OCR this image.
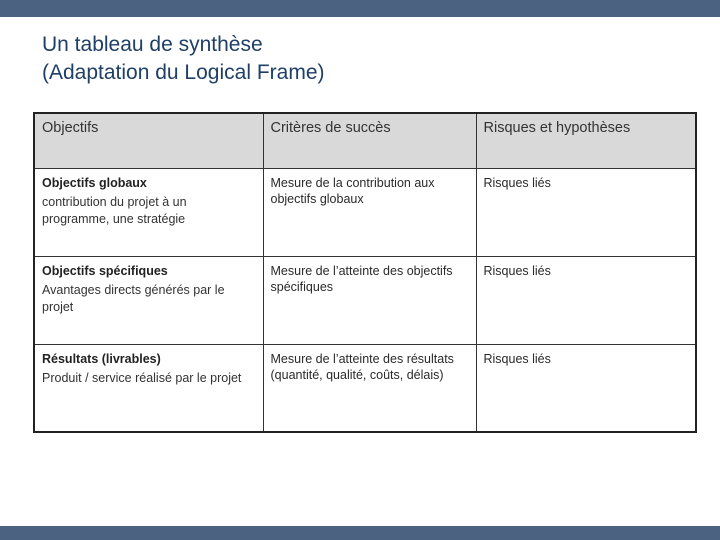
Un tableau de synthèse
(Adaptation du Logical Frame)
Objectifs	Critères de succès	Risques et hypothèses

Objectifs globaux
contribution du projet à un programme, une stratégie	Mesure de la contribution aux objectifs globaux	Risques liés

Objectifs spécifiques
Avantages directs générés par le projet	Mesure de l’atteinte des objectifs spécifiques	Risques liés

Résultats (livrables)
Produit / service réalisé par le projet	Mesure de l’atteinte des résultats (quantité, qualité, coûts, délais)	Risques liés
